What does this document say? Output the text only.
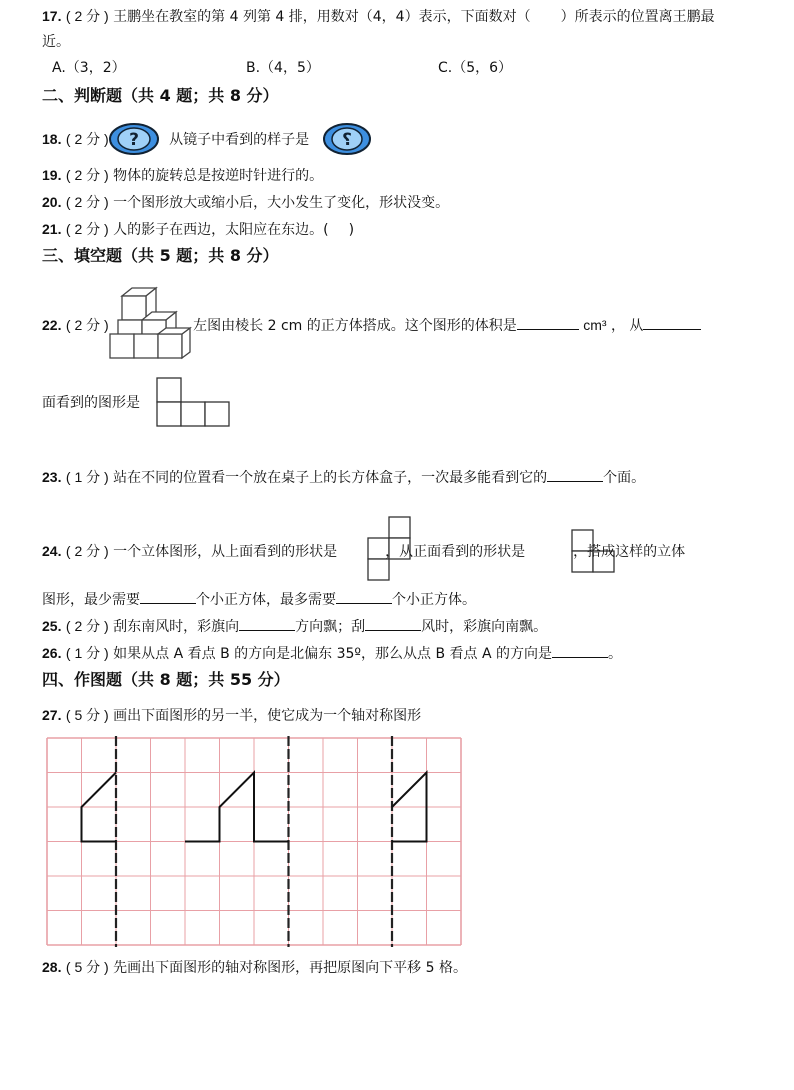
17. ( 2 分 ) 王鹏坐在教室的第 4 列第 4 排，用数对（4，4）表示，下面数对（ ）所表示的位置离王鹏最
近。
A.（3，2）	B.（4，5）	C.（5，6）
二、判断题（共 4 题；共 8 分）
18. ( 2 分 )	从镜子中看到的样子是
?	?
19. ( 2 分 ) 物体的旋转总是按逆时针进行的。
20. ( 2 分 ) 一个图形放大或缩小后，大小发生了变化，形状没变。
21. ( 2 分 ) 人的影子在西边，太阳应在东边。( )
三、填空题（共 5 题；共 8 分）
22. ( 2 分 )	左图由棱长 2 cm 的正方体搭成。这个图形的体积是	cm³ ， 从
面看到的图形是
23. ( 1 分 ) 站在不同的位置看一个放在桌子上的长方体盒子，一次最多能看到它的	个面。
24. ( 2 分 ) 一个立体图形，从上面看到的形状是	，从正面看到的形状是	，搭成这样的立体
图形，最少需要	个小正方体，最多需要	个小正方体。
25. ( 2 分 ) 刮东南风时，彩旗向	方向飘；刮	风时，彩旗向南飘。
26. ( 1 分 ) 如果从点 A 看点 B 的方向是北偏东 35º，那么从点 B 看点 A 的方向是	。
四、作图题（共 8 题；共 55 分）
27. ( 5 分 ) 画出下面图形的另一半，使它成为一个轴对称图形
28. ( 5 分 ) 先画出下面图形的轴对称图形，再把原图向下平移 5 格。
